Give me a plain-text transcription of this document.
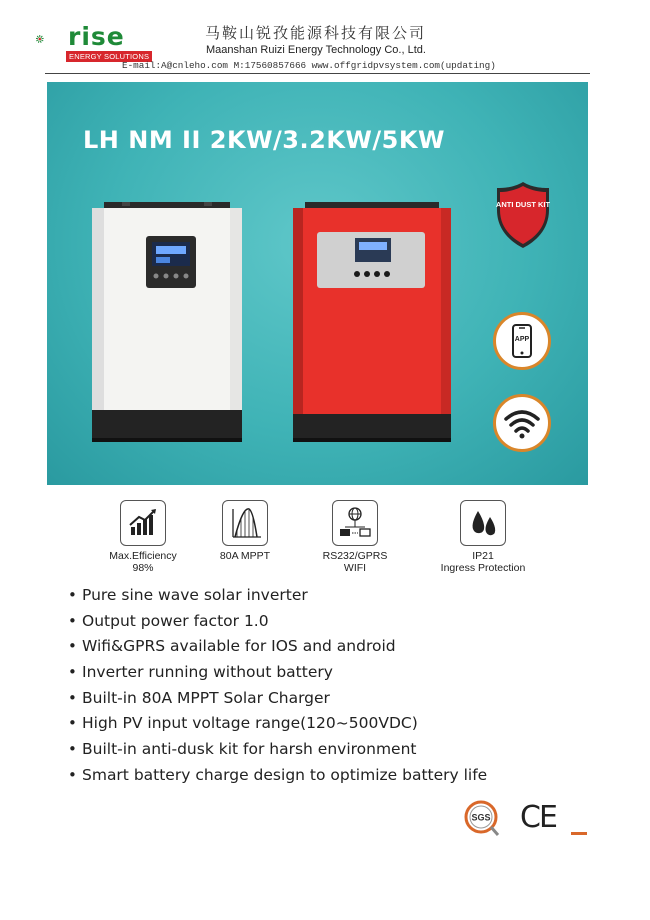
rise
ENERGY SOLUTIONS
马鞍山锐孜能源科技有限公司
Maanshan Ruizi Energy Technology Co., Ltd.
E-mail:A@cnleho.com M:17560857666 www.offgridpvsystem.com(updating)
LH NM II 2KW/3.2KW/5KW
ANTI DUST KIT
APP
Max.Efficiency
98%
80A MPPT	RS232/GPRS
WIFI
IP21
Ingress Protection
• Pure sine wave solar inverter
• Output power factor 1.0
• Wifi&GPRS available for IOS and android
• Inverter running without battery
• Built-in 80A MPPT Solar Charger
• High PV input voltage range(120~500VDC)
• Built-in anti-dusk kit for harsh environment
• Smart battery charge design to optimize battery life
SGS CE
